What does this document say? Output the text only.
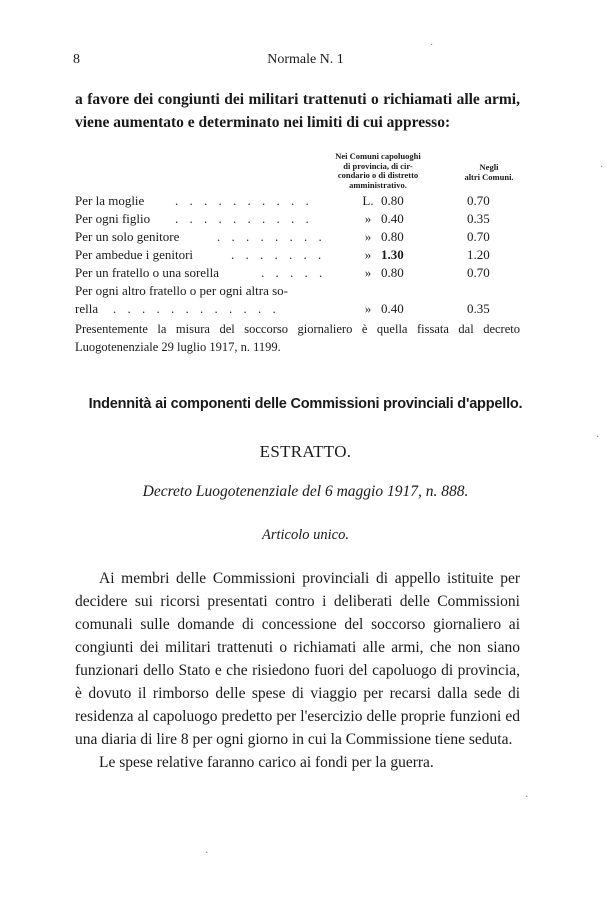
8	Normale N. 1
a favore dei congiunti dei militari trattenuti o richiamati alle armi, viene aumentato e determinato nei limiti di cui appresso:
Nei Comuni capoluoghi
di provincia, di cir-
condario o di distretto
amministrativo.
Negli
altri Comuni.
Per la moglie . . . . . . . . . .	L. 0.80	0.70
Per ogni figlio . . . . . . . . . .	» 0.40	0.35
Per un solo genitore	. . . . . . . .	» 0.80	0.70
Per ambedue i genitori	. . . . . . .	» 1.30	1.20
Per un fratello o una sorella	. . . . .	» 0.80	0.70
Per ogni altro fratello o per ogni altra so-
rella . . . . . . . . . . . .	» 0.40	0.35
Presentemente la misura del soccorso giornaliero è quella fissata dal decreto Luogotenenziale 29 luglio 1917, n. 1199.
Indennità ai componenti delle Commissioni provinciali d'appello.
ESTRATTO.
Decreto Luogotenenziale del 6 maggio 1917, n. 888.
Articolo unico.

Ai membri delle Commissioni provinciali di appello istituite per decidere sui ricorsi presentati contro i deliberati delle Commissioni comunali sulle domande di concessione del soccorso giornaliero ai congiunti dei militari trattenuti o richiamati alle armi, che non siano funzionari dello Stato e che risiedono fuori del capoluogo di provincia, è dovuto il rimborso delle spese di viaggio per recarsi dalla sede di residenza al capoluogo predetto per l'esercizio delle proprie funzioni ed una diaria di lire 8 per ogni giorno in cui la Commissione tiene seduta.

Le spese relative faranno carico ai fondi per la guerra.

·
·
·
·
·
